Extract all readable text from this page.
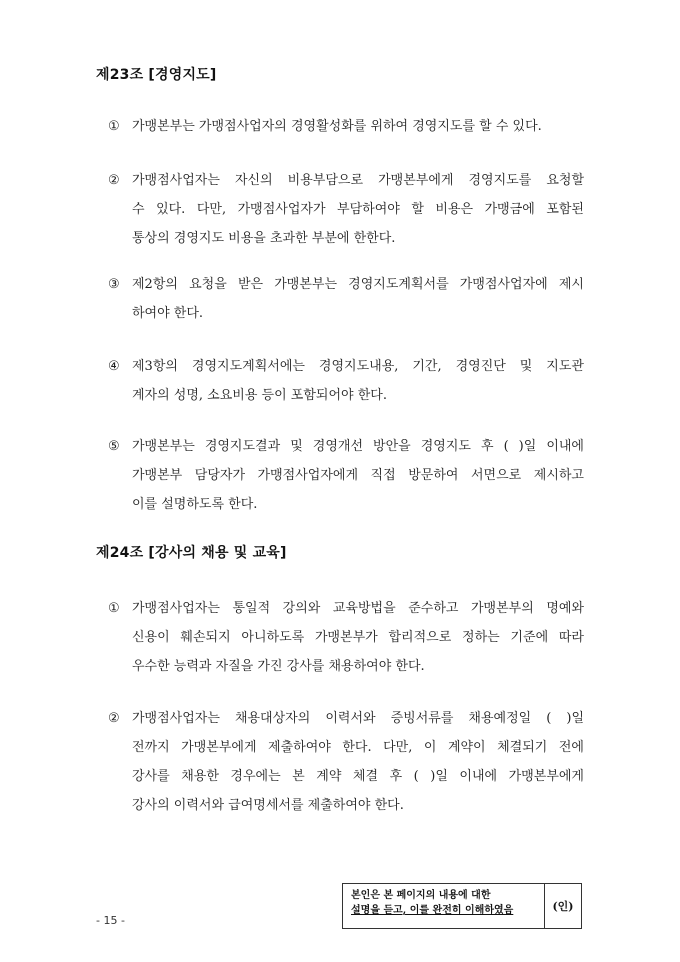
제23조 [경영지도]
① 가맹본부는 가맹점사업자의 경영활성화를 위하여 경영지도를 할 수 있다.
② 가맹점사업자는 자신의 비용부담으로 가맹본부에게 경영지도를 요청할
수 있다. 다만, 가맹점사업자가 부담하여야 할 비용은 가맹금에 포함된
통상의 경영지도 비용을 초과한 부분에 한한다.
③ 제2항의 요청을 받은 가맹본부는 경영지도계획서를 가맹점사업자에 제시
하여야 한다.
④ 제3항의 경영지도계획서에는 경영지도내용, 기간, 경영진단 및 지도관
계자의 성명, 소요비용 등이 포함되어야 한다.
⑤ 가맹본부는 경영지도결과 및 경영개선 방안을 경영지도 후 ( )일 이내에
가맹본부 담당자가 가맹점사업자에게 직접 방문하여 서면으로 제시하고
이를 설명하도록 한다.
제24조 [강사의 채용 및 교육]
① 가맹점사업자는 통일적 강의와 교육방법을 준수하고 가맹본부의 명예와
신용이 훼손되지 아니하도록 가맹본부가 합리적으로 정하는 기준에 따라
우수한 능력과 자질을 가진 강사를 채용하여야 한다.
② 가맹점사업자는 채용대상자의 이력서와 증빙서류를 채용예정일 ( )일
전까지 가맹본부에게 제출하여야 한다. 다만, 이 계약이 체결되기 전에
강사를 채용한 경우에는 본 계약 체결 후 ( )일 이내에 가맹본부에게
강사의 이력서와 급여명세서를 제출하여야 한다.
- 15 -
본인은 본 페이지의 내용에 대한
설명을 듣고, 이를 완전히 이해하였음	(인)
